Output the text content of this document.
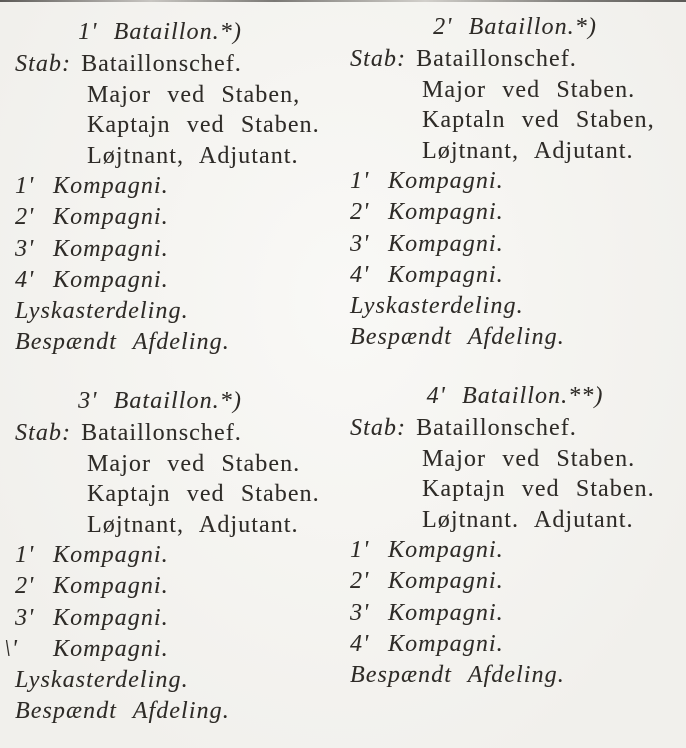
1' Bataillon.*)
Stab: Bataillonschef.
Major ved Staben,
Kaptajn ved Staben.
Løjtnant, Adjutant.
1' Kompagni.
2' Kompagni.
3' Kompagni.
4' Kompagni.
Lyskasterdeling.
Bespændt Afdeling.
2' Bataillon.*)
Stab: Bataillonschef.
Major ved Staben.
Kaptaln ved Staben,
Løjtnant, Adjutant.
1' Kompagni.
2' Kompagni.
3' Kompagni.
4' Kompagni.
Lyskasterdeling.
Bespændt Afdeling.
3' Bataillon.*)
Stab: Bataillonschef.
Major ved Staben.
Kaptajn ved Staben.
Løjtnant, Adjutant.
1' Kompagni.
2' Kompagni.
3' Kompagni.
\' Kompagni.
Lyskasterdeling.
Bespændt Afdeling.
4' Bataillon.**)
Stab: Bataillonschef.
Major ved Staben.
Kaptajn ved Staben.
Løjtnant. Adjutant.
1' Kompagni.
2' Kompagni.
3' Kompagni.
4' Kompagni.
Bespændt Afdeling.
